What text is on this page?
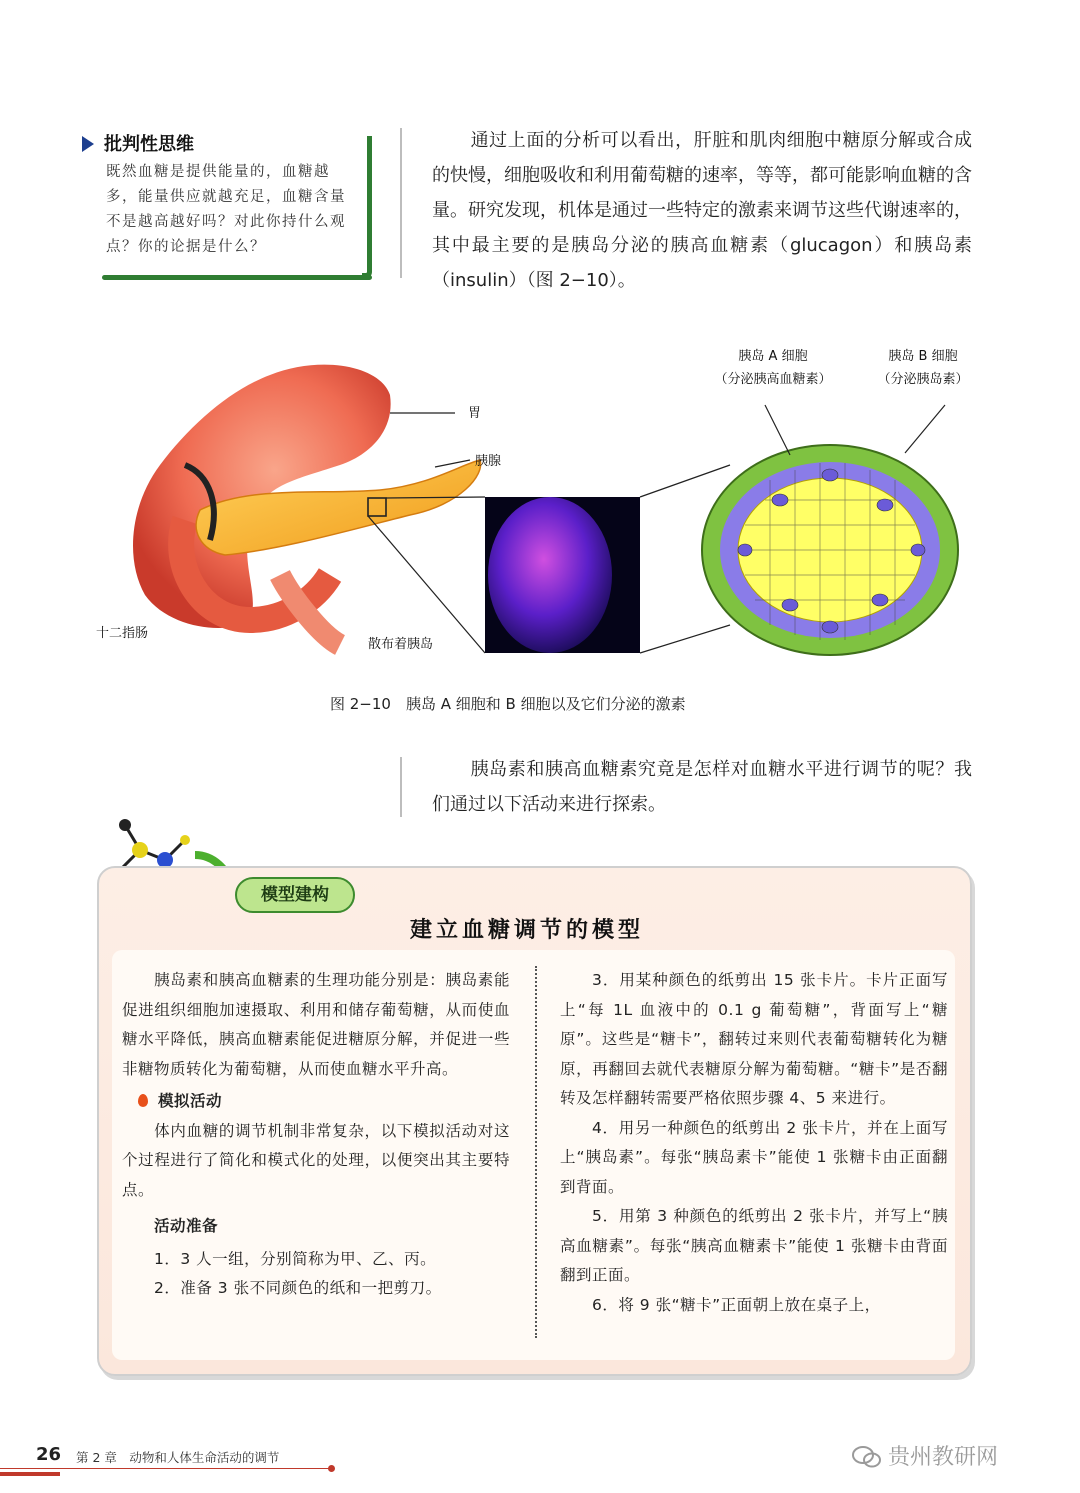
批判性思维
既然血糖是提供能量的，血糖越多，能量供应就越充足，血糖含量不是越高越好吗？对此你持什么观点？你的论据是什么？
通过上面的分析可以看出，肝脏和肌肉细胞中糖原分解或合成的快慢，细胞吸收和利用葡萄糖的速率，等等，都可能影响血糖的含量。研究发现，机体是通过一些特定的激素来调节这些代谢速率的，其中最主要的是胰岛分泌的胰高血糖素（glucagon）和胰岛素（insulin）（图 2−10）。
胃
胰腺
十二指肠
散布着胰岛
胰岛 A 细胞
（分泌胰高血糖素）
胰岛 B 细胞
（分泌胰岛素）
图 2−10　胰岛 A 细胞和 B 细胞以及它们分泌的激素
胰岛素和胰高血糖素究竟是怎样对血糖水平进行调节的呢？我们通过以下活动来进行探索。
模型建构
建立血糖调节的模型

胰岛素和胰高血糖素的生理功能分别是：胰岛素能促进组织细胞加速摄取、利用和储存葡萄糖，从而使血糖水平降低，胰高血糖素能促进糖原分解，并促进一些非糖物质转化为葡萄糖，从而使血糖水平升高。

模拟活动

体内血糖的调节机制非常复杂，以下模拟活动对这个过程进行了简化和模式化的处理，以便突出其主要特点。

活动准备

1．3 人一组，分别简称为甲、乙、丙。

2．准备 3 张不同颜色的纸和一把剪刀。

3．用某种颜色的纸剪出 15 张卡片。卡片正面写上“每 1L 血液中的 0.1 g 葡萄糖”，背面写上“糖原”。这些是“糖卡”，翻转过来则代表葡萄糖转化为糖原，再翻回去就代表糖原分解为葡萄糖。“糖卡”是否翻转及怎样翻转需要严格依照步骤 4、5 来进行。

4．用另一种颜色的纸剪出 2 张卡片，并在上面写上“胰岛素”。每张“胰岛素卡”能使 1 张糖卡由正面翻到背面。

5．用第 3 种颜色的纸剪出 2 张卡片，并写上“胰高血糖素”。每张“胰高血糖素卡”能使 1 张糖卡由背面翻到正面。

6．将 9 张“糖卡”正面朝上放在桌子上，

26 第 2 章　动物和人体生命活动的调节	贵州教研网
